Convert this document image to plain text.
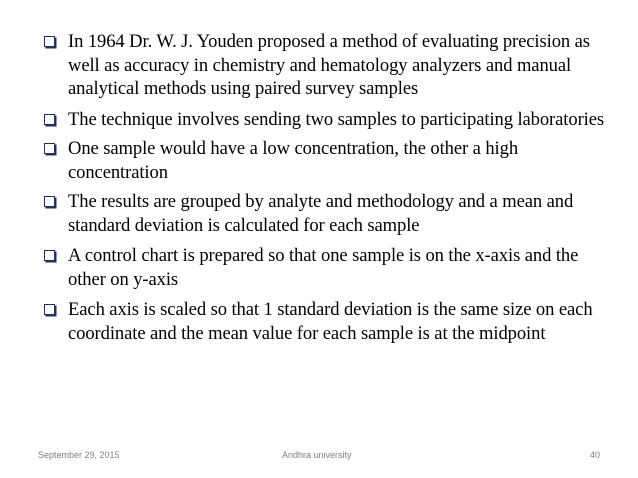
In 1964 Dr. W. J. Youden proposed a method of evaluating precision as well as accuracy in chemistry and hematology analyzers and manual analytical methods using paired survey samples
The technique involves sending two samples to participating laboratories
One sample would have a low concentration, the other a high concentration
The results are grouped by analyte and methodology and a mean and standard deviation is calculated for each sample
A control chart is prepared so that one sample is on the x-axis and the other on y-axis
Each axis is scaled so that 1 standard deviation is the same size on each coordinate and the mean value for each sample is at the midpoint
September 29, 2015	Andhra university	40
